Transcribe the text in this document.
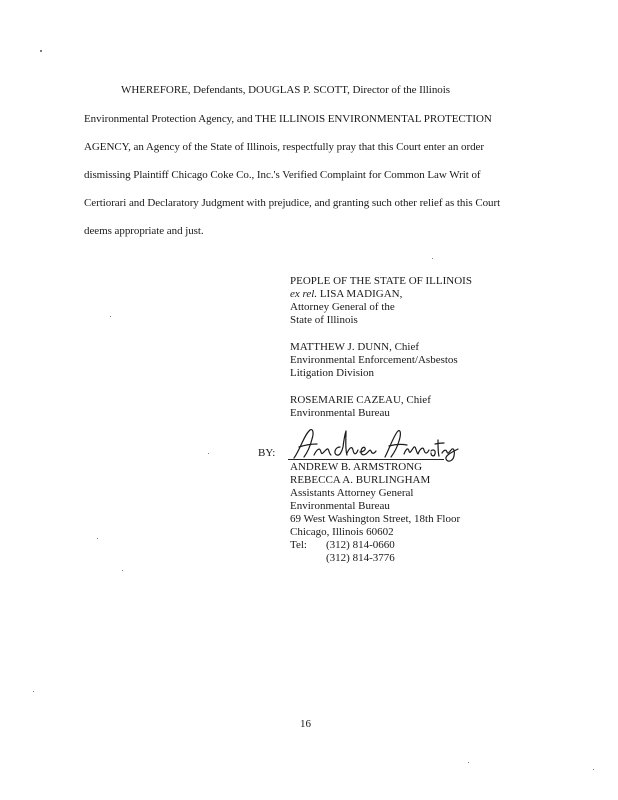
WHEREFORE, Defendants, DOUGLAS P. SCOTT, Director of the Illinois
Environmental Protection Agency, and THE ILLINOIS ENVIRONMENTAL PROTECTION
AGENCY, an Agency of the State of Illinois, respectfully pray that this Court enter an order
dismissing Plaintiff Chicago Coke Co., Inc.'s Verified Complaint for Common Law Writ of
Certiorari and Declaratory Judgment with prejudice, and granting such other relief as this Court
deems appropriate and just.
PEOPLE OF THE STATE OF ILLINOIS
ex rel. LISA MADIGAN,
Attorney General of the
State of Illinois
MATTHEW J. DUNN, Chief
Environmental Enforcement/Asbestos
Litigation Division
ROSEMARIE CAZEAU, Chief
Environmental Bureau
BY:
ANDREW B. ARMSTRONG
REBECCA A. BURLINGHAM
Assistants Attorney General
Environmental Bureau
69 West Washington Street, 18th Floor
Chicago, Illinois 60602
Tel: (312) 814-0660
(312) 814-3776

16
